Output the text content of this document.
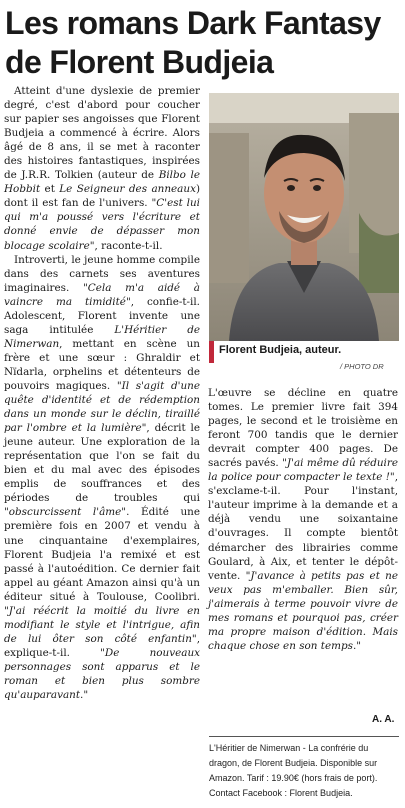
Les romans Dark Fantasy de Florent Budjeia

Atteint d'une dyslexie de premier degré, c'est d'abord pour coucher sur papier ses angoisses que Florent Budjeia a commencé à écrire. Alors âgé de 8 ans, il se met à raconter des histoires fantastiques, inspirées de J.R.R. Tolkien (auteur de Bilbo le Hobbit et Le Seigneur des anneaux) dont il est fan de l'univers. "C'est lui qui m'a poussé vers l'écriture et donné envie de dépasser mon blocage scolaire", raconte-t-il.

Introverti, le jeune homme compile dans des carnets ses aventures imaginaires. "Cela m'a aidé à vaincre ma timidité", confie-t-il. Adolescent, Florent invente une saga intitulée L'Héritier de Nimerwan, mettant en scène un frère et une sœur : Ghraldir et Nïdarla, orphelins et détenteurs de pouvoirs magiques. "Il s'agit d'une quête d'identité et de rédemption dans un monde sur le déclin, tiraillé par l'ombre et la lumière", décrit le jeune auteur. Une exploration de la représentation que l'on se fait du bien et du mal avec des épisodes emplis de souffrances et des périodes de troubles qui "obscurcissent l'âme". Édité une première fois en 2007 et vendu à une cinquantaine d'exemplaires, Florent Budjeia l'a remixé et est passé à l'autoédition. Ce dernier fait appel au géant Amazon ainsi qu'à un éditeur situé à Toulouse, Coolibri. "J'ai réécrit la moitié du livre en modifiant le style et l'intrigue, afin de lui ôter son côté enfantin", explique-t-il. "De nouveaux personnages sont apparus et le roman et bien plus sombre qu'auparavant."

Florent Budjeia, auteur.
/ PHOTO DR

L'œuvre se décline en quatre tomes. Le premier livre fait 394 pages, le second et le troisième en feront 700 tandis que le dernier devrait compter 400 pages. De sacrés pavés. "J'ai même dû réduire la police pour compacter le texte !", s'exclame-t-il. Pour l'instant, l'auteur imprime à la demande et a déjà vendu une soixantaine d'ouvrages. Il compte bientôt démarcher des librairies comme Goulard, à Aix, et tenter le dépôt-vente. "J'avance à petits pas et ne veux pas m'emballer. Bien sûr, j'aimerais à terme pouvoir vivre de mes romans et pourquoi pas, créer ma propre maison d'édition. Mais chaque chose en son temps."

A. A.
L'Héritier de Nimerwan - La confrérie du dragon, de Florent Budjeia. Disponible sur Amazon. Tarif : 19.90€ (hors frais de port). Contact Facebook : Florent Budjeia.
